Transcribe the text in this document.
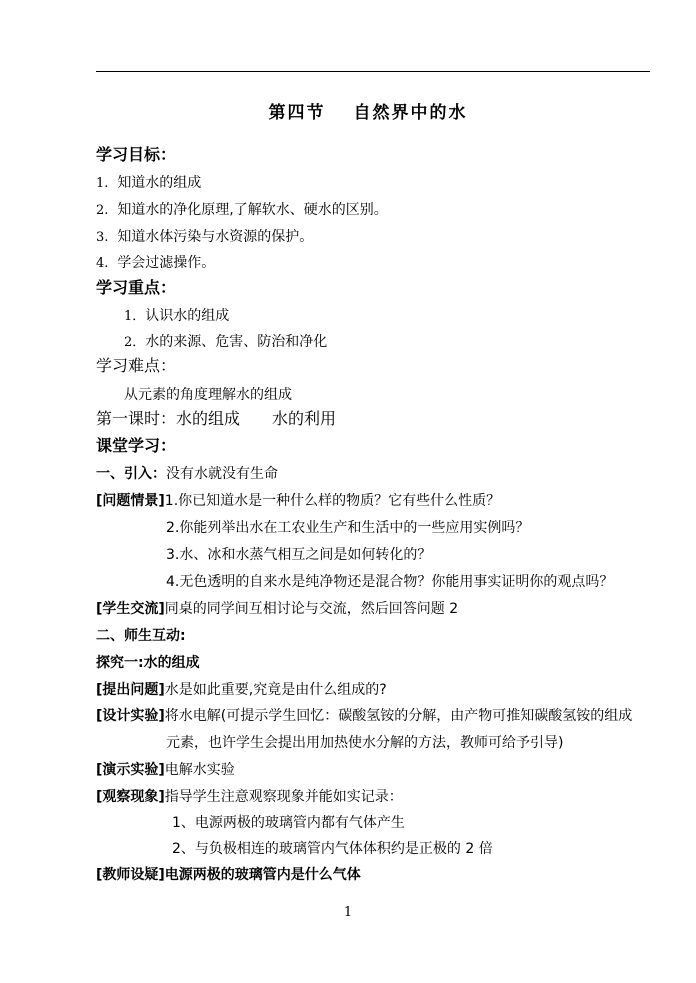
第四节 自然界中的水
学习目标：
1. 知道水的组成
2. 知道水的净化原理,了解软水、硬水的区别。
3. 知道水体污染与水资源的保护。
4. 学会过滤操作。
学习重点：
1．认识水的组成
2．水的来源、危害、防治和净化
学习难点：
从元素的角度理解水的组成
第一课时：水的组成　　水的利用
课堂学习：
一、引入：没有水就没有生命
[问题情景]1.你已知道水是一种什么样的物质？它有些什么性质？
2.你能列举出水在工农业生产和生活中的一些应用实例吗？
3.水、冰和水蒸气相互之间是如何转化的？
4.无色透明的自来水是纯净物还是混合物？你能用事实证明你的观点吗？
[学生交流]同桌的同学间互相讨论与交流，然后回答问题 2
二、师生互动:
探究一:水的组成
[提出问题]水是如此重要,究竟是由什么组成的?
[设计实验]将水电解(可提示学生回忆：碳酸氢铵的分解，由产物可推知碳酸氢铵的组成
元素，也许学生会提出用加热使水分解的方法，教师可给予引导)
[演示实验]电解水实验
[观察现象]指导学生注意观察现象并能如实记录：
1、电源两极的玻璃管内都有气体产生
2、与负极相连的玻璃管内气体体积约是正极的 2 倍
[教师设疑]电源两极的玻璃管内是什么气体
1
